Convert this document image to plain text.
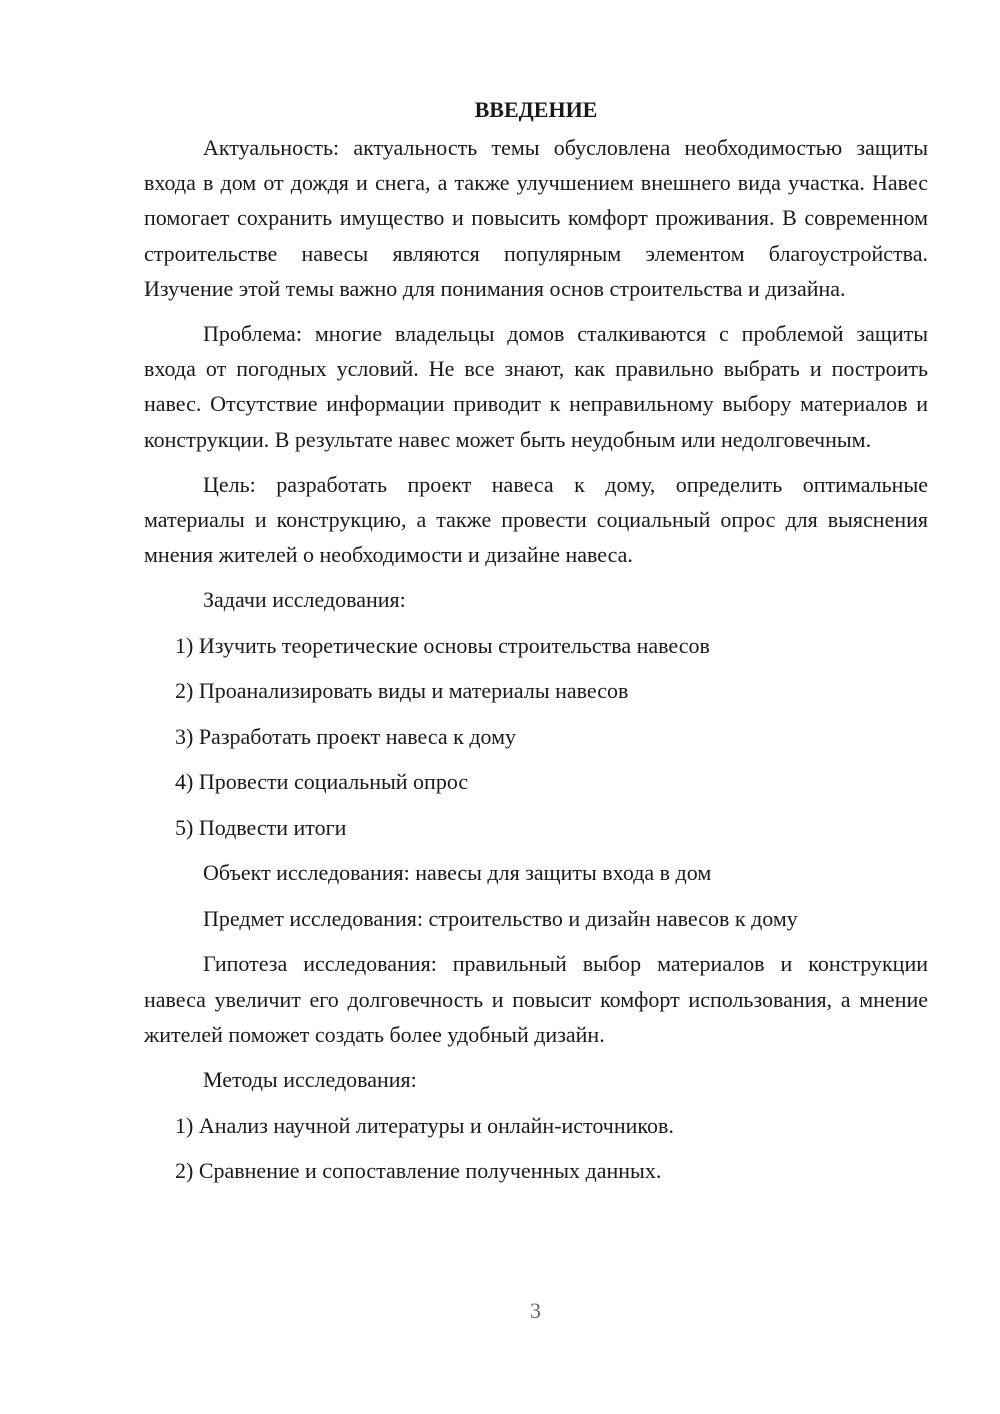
ВВЕДЕНИЕ

Актуальность: актуальность темы обусловлена необходимостью защиты входа в дом от дождя и снега, а также улучшением внешнего вида участка. Навес помогает сохранить имущество и повысить комфорт проживания. В современном строительстве навесы являются популярным элементом благоустройства. Изучение этой темы важно для понимания основ строительства и дизайна.

Проблема: многие владельцы домов сталкиваются с проблемой защиты входа от погодных условий. Не все знают, как правильно выбрать и построить навес. Отсутствие информации приводит к неправильному выбору материалов и конструкции. В результате навес может быть неудобным или недолговечным.

Цель: разработать проект навеса к дому, определить оптимальные материалы и конструкцию, а также провести социальный опрос для выяснения мнения жителей о необходимости и дизайне навеса.

Задачи исследования:
1) Изучить теоретические основы строительства навесов
2) Проанализировать виды и материалы навесов
3) Разработать проект навеса к дому
4) Провести социальный опрос
5) Подвести итоги
Объект исследования: навесы для защиты входа в дом
Предмет исследования: строительство и дизайн навесов к дому

Гипотеза исследования: правильный выбор материалов и конструкции навеса увеличит его долговечность и повысит комфорт использования, а мнение жителей поможет создать более удобный дизайн.

Методы исследования:
1) Анализ научной литературы и онлайн-источников.
2) Сравнение и сопоставление полученных данных.
3
